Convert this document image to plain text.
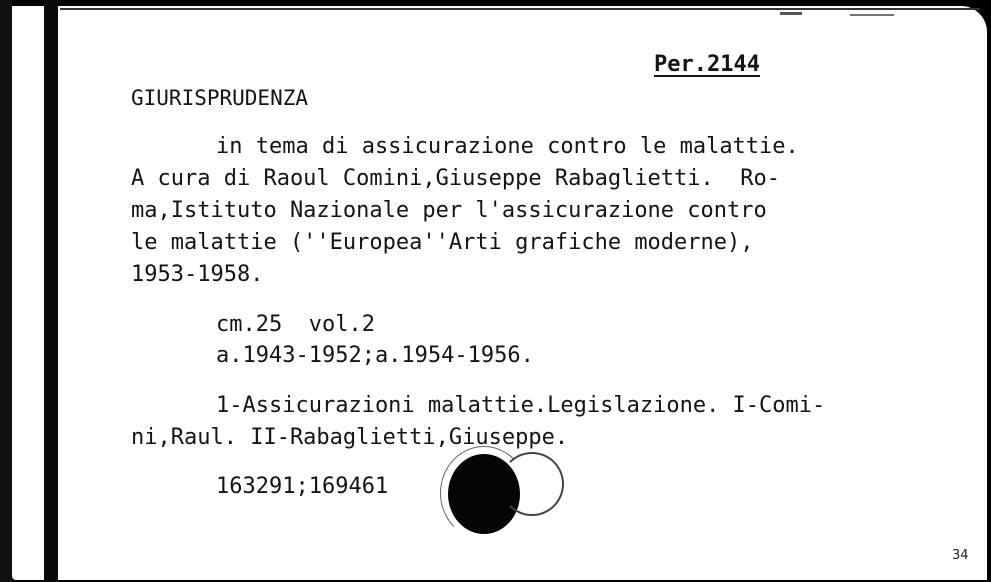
Per.2144
GIURISPRUDENZA
in tema di assicurazione contro le malattie.
A cura di Raoul Comini,Giuseppe Rabaglietti.  Ro-
ma,Istituto Nazionale per l'assicurazione contro
le malattie (''Europea''Arti grafiche moderne),
1953-1958.
cm.25  vol.2
a.1943-1952;a.1954-1956.
1-Assicurazioni malattie.Legislazione. I-Comi-
ni,Raul. II-Rabaglietti,Giuseppe.
163291;169461
34
